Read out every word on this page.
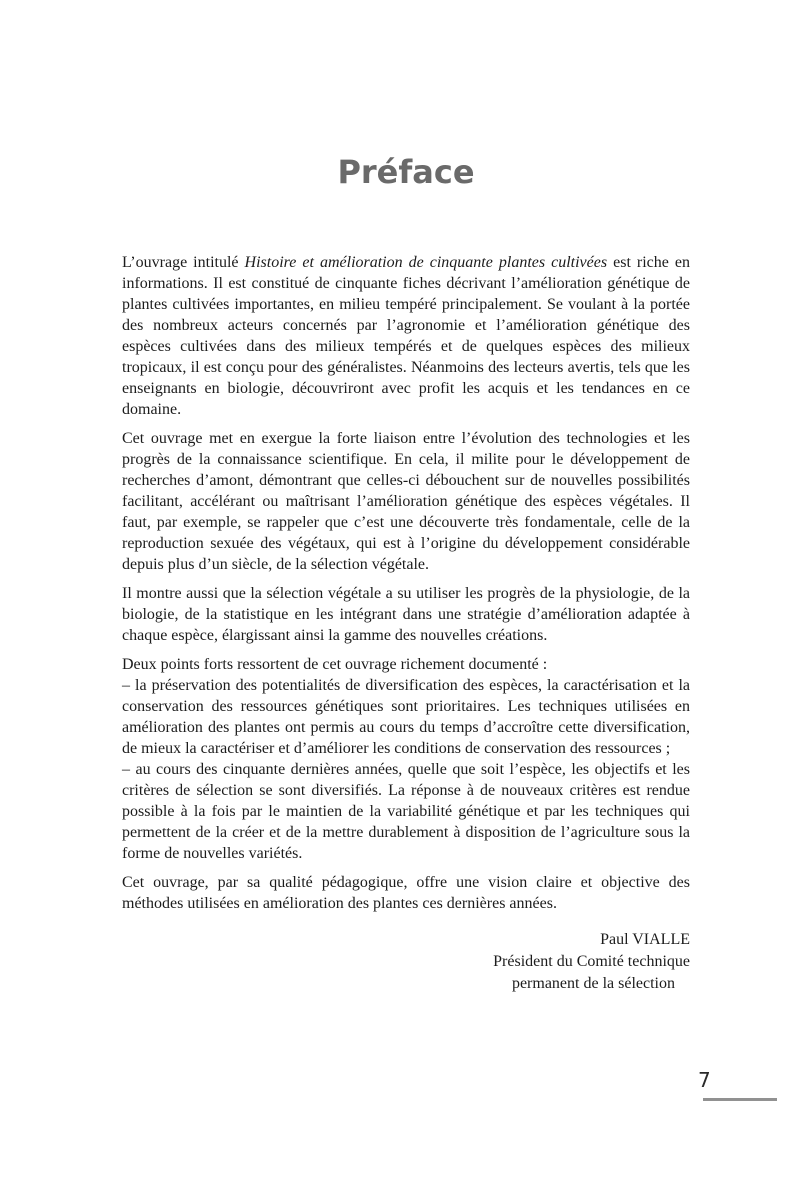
Préface

L’ouvrage intitulé Histoire et amélioration de cinquante plantes cultivées est riche en informations. Il est constitué de cinquante fiches décrivant l’amélioration génétique de plantes cultivées importantes, en milieu tempéré principalement. Se voulant à la portée des nombreux acteurs concernés par l’agronomie et l’amélioration génétique des espèces cultivées dans des milieux tempérés et de quelques espèces des milieux tropicaux, il est conçu pour des généralistes. Néanmoins des lecteurs avertis, tels que les enseignants en biologie, découvriront avec profit les acquis et les tendances en ce domaine.

Cet ouvrage met en exergue la forte liaison entre l’évolution des technologies et les progrès de la connaissance scientifique. En cela, il milite pour le développement de recherches d’amont, démontrant que celles-ci débouchent sur de nouvelles possibilités facilitant, accélérant ou maîtrisant l’amélioration génétique des espèces végétales. Il faut, par exemple, se rappeler que c’est une découverte très fondamentale, celle de la reproduction sexuée des végétaux, qui est à l’origine du développement considérable depuis plus d’un siècle, de la sélection végétale.

Il montre aussi que la sélection végétale a su utiliser les progrès de la physiologie, de la biologie, de la statistique en les intégrant dans une stratégie d’amélioration adaptée à chaque espèce, élargissant ainsi la gamme des nouvelles créations.

Deux points forts ressortent de cet ouvrage richement documenté :

– la préservation des potentialités de diversification des espèces, la caractérisation et la conservation des ressources génétiques sont prioritaires. Les techniques utilisées en amélioration des plantes ont permis au cours du temps d’accroître cette diversification, de mieux la caractériser et d’améliorer les conditions de conservation des ressources ;

– au cours des cinquante dernières années, quelle que soit l’espèce, les objectifs et les critères de sélection se sont diversifiés. La réponse à de nouveaux critères est rendue possible à la fois par le maintien de la variabilité génétique et par les techniques qui permettent de la créer et de la mettre durablement à disposition de l’agriculture sous la forme de nouvelles variétés.

Cet ouvrage, par sa qualité pédagogique, offre une vision claire et objective des méthodes utilisées en amélioration des plantes ces dernières années.

Paul VIALLE

Président du Comité technique

permanent de la sélection

7
